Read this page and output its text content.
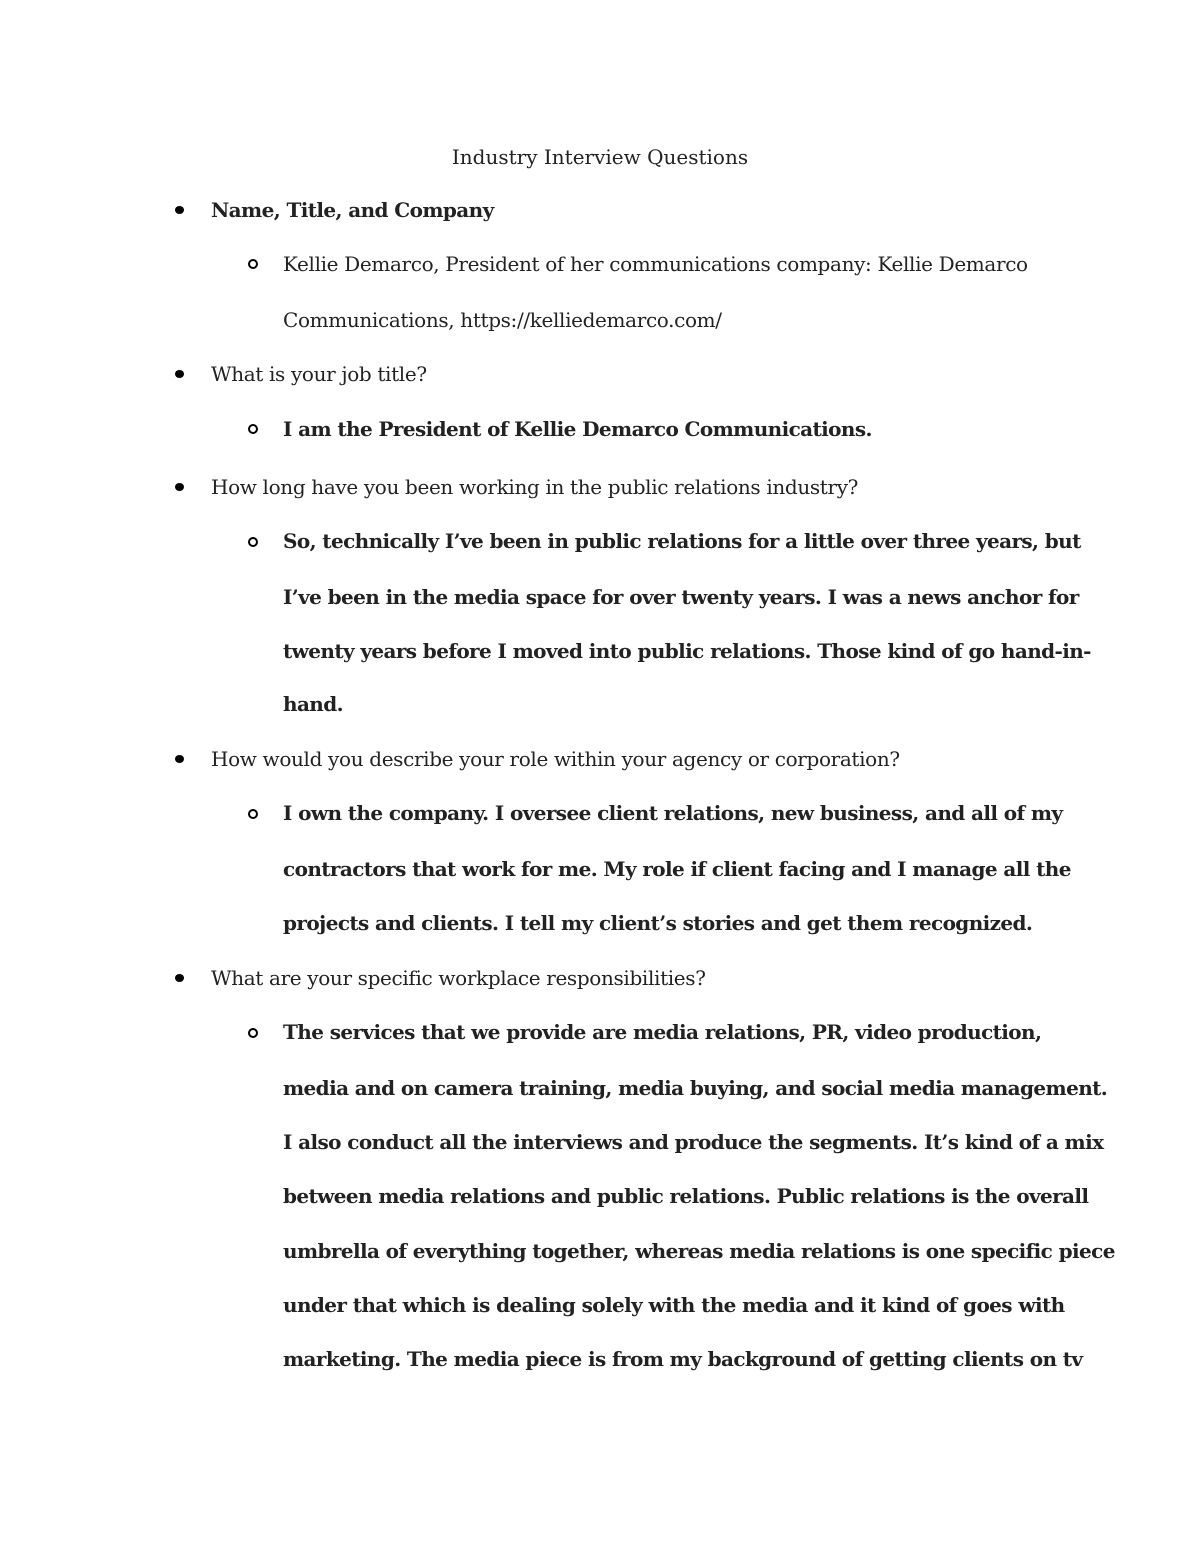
Industry Interview Questions

Name, Title, and Company

Kellie Demarco, President of her communications company: Kellie Demarco

Communications, https://kelliedemarco.com/

What is your job title?

I am the President of Kellie Demarco Communications.

How long have you been working in the public relations industry?

So, technically I’ve been in public relations for a little over three years, but

I’ve been in the media space for over twenty years. I was a news anchor for

twenty years before I moved into public relations. Those kind of go hand-in-

hand.

How would you describe your role within your agency or corporation?

I own the company. I oversee client relations, new business, and all of my

contractors that work for me. My role if client facing and I manage all the

projects and clients. I tell my client’s stories and get them recognized.

What are your specific workplace responsibilities?

The services that we provide are media relations, PR, video production,

media and on camera training, media buying, and social media management.

I also conduct all the interviews and produce the segments. It’s kind of a mix

between media relations and public relations. Public relations is the overall

umbrella of everything together, whereas media relations is one specific piece

under that which is dealing solely with the media and it kind of goes with

marketing. The media piece is from my background of getting clients on tv
